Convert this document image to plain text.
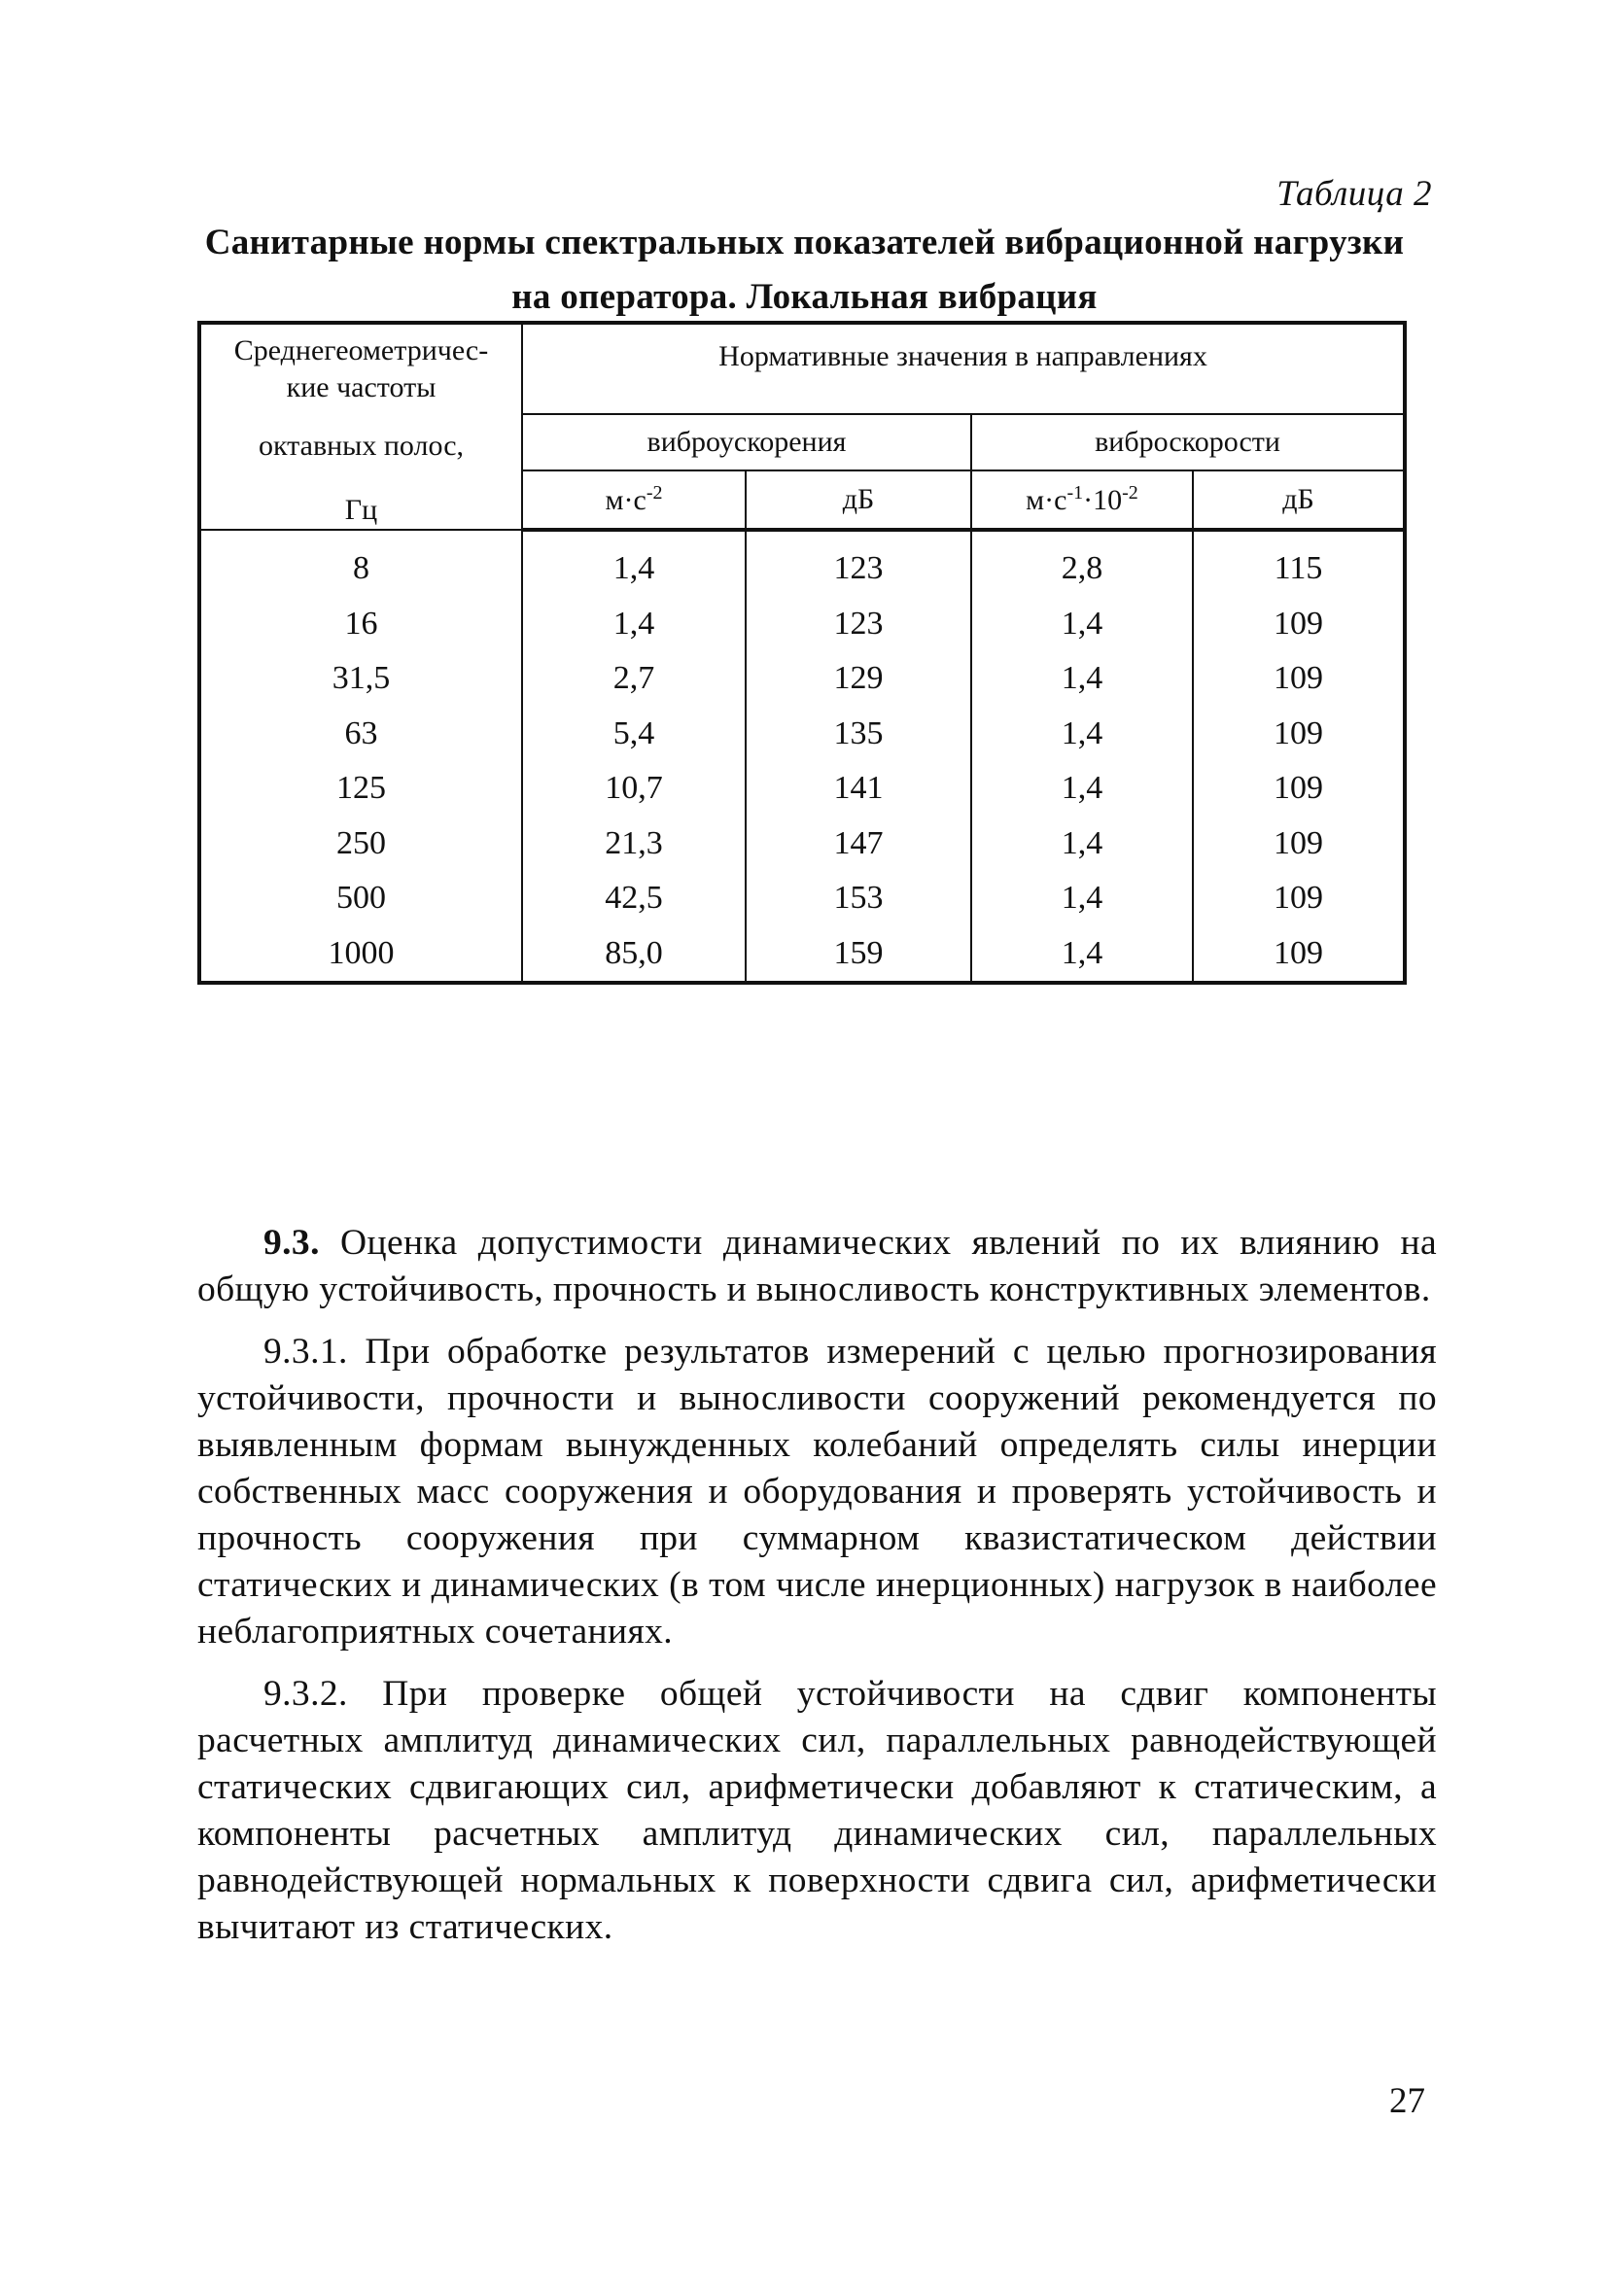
Таблица 2
Санитарные нормы спектральных показателей вибрационной нагрузки
на оператора. Локальная вибрация
Среднегеометричес-
кие частоты
октавных полос,
Гц	Нормативные значения в направлениях			
	виброускорения		виброскорости	
	$м\cdot с^{-2}$	дБ	$м\cdot с^{-1}\cdot 10^{-2}$	дБ
8	1,4	123	2,8	115
16	1,4	123	1,4	109
31,5	2,7	129	1,4	109
63	5,4	135	1,4	109
125	10,7	141	1,4	109
250	21,3	147	1,4	109
500	42,5	153	1,4	109
1000	85,0	159	1,4	109

9.3. Оценка допустимости динамических явлений по их влиянию на общую устойчивость, прочность и выносливость конструктивных элементов.

9.3.1. При обработке результатов измерений с целью прогнозирования устойчивости, прочности и выносливости сооружений рекомендуется по выявленным формам вынужденных колебаний определять силы инерции собственных масс сооружения и оборудования и проверять устойчивость и прочность сооружения при суммарном квазистатическом действии статических и динамических (в том числе инерционных) нагрузок в наиболее неблагоприятных сочетаниях.

9.3.2. При проверке общей устойчивости на сдвиг компоненты расчетных амплитуд динамических сил, параллельных равнодействующей статических сдвигающих сил, арифметически добавляют к статическим, а компоненты расчетных амплитуд динамических сил, параллельных равнодействующей нормальных к поверхности сдвига сил, арифметически вычитают из статических.

27
